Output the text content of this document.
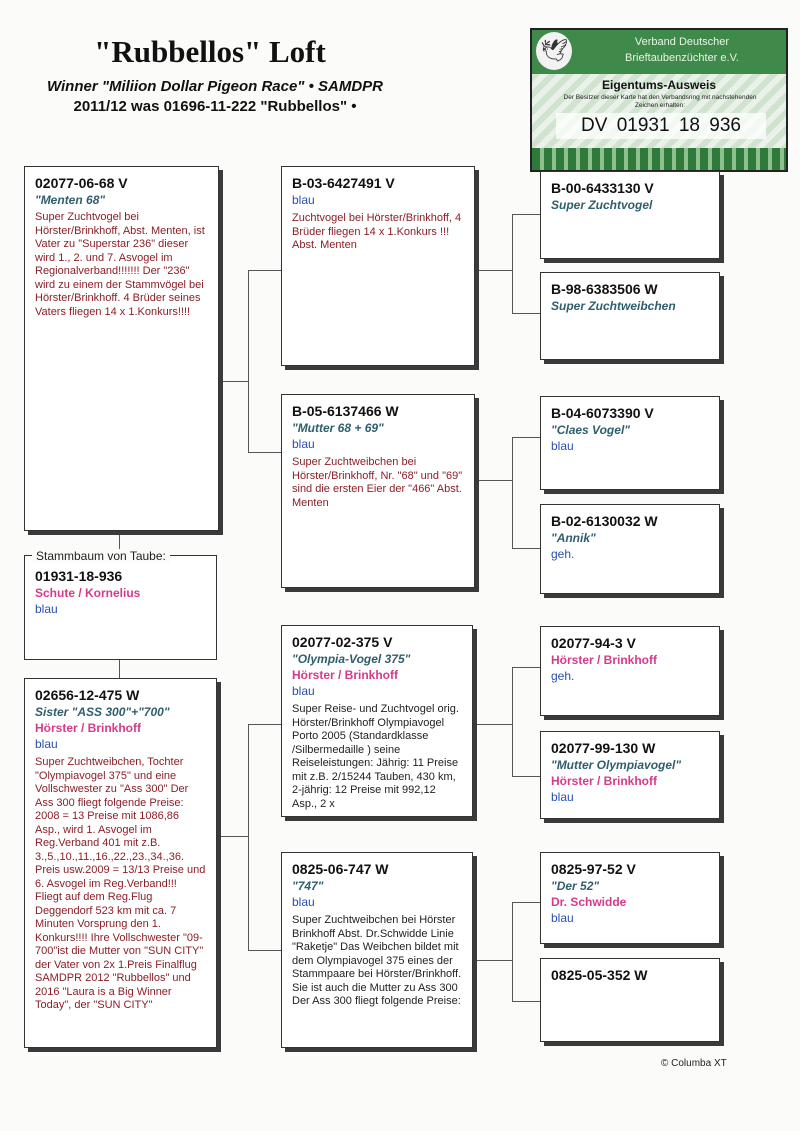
"Rubbellos" Loft
Winner "Miliion Dollar Pigeon Race" • SAMDPR
2011/12 was 01696-11-222 "Rubbellos" •
🕊	Verband Deutscher
Brieftaubenzüchter e.V.
Eigentums-Ausweis
Der Besitzer dieser Karte hat den Verbandsring mit nachstehenden Zeichen erhalten:
DV 01931 18 936
02077-06-68 V
"Menten 68"
Super Zuchtvogel bei Hörster/Brinkhoff, Abst. Menten, ist Vater zu "Superstar 236" dieser wird 1., 2. und 7. Asvogel im Regionalverband!!!!!!! Der "236" wird zu einem der Stammvögel bei Hörster/Brinkhoff. 4 Brüder seines Vaters fliegen 14 x 1.Konkurs!!!!
B-03-6427491 V
blau
Zuchtvogel bei Hörster/Brinkhoff, 4 Brüder fliegen 14 x 1.Konkurs !!! Abst. Menten
B-05-6137466 W
"Mutter 68 + 69"
blau
Super Zuchtweibchen bei Hörster/Brinkhoff, Nr. "68" und "69" sind die ersten Eier der "466" Abst. Menten
B-00-6433130 V
Super Zuchtvogel
B-98-6383506 W
Super Zuchtweibchen
B-04-6073390 V
"Claes Vogel"
blau
B-02-6130032 W
"Annik"
geh.
01931-18-936
Schute / Kornelius
blau
Stammbaum von Taube:
02656-12-475 W
Sister "ASS 300"+"700"
Hörster / Brinkhoff
blau
Super Zuchtweibchen, Tochter "Olympiavogel 375" und eine Vollschwester zu "Ass 300" Der Ass 300 fliegt folgende Preise: 2008 = 13 Preise mit 1086,86 Asp., wird 1. Asvogel im Reg.Verband 401 mit z.B. 3.,5.,10.,11.,16.,22.,23.,34.,36. Preis usw.2009 = 13/13 Preise und 6. Asvogel im Reg.Verband!!! Fliegt auf dem Reg.Flug Deggendorf 523 km mit ca. 7 Minuten Vorsprung den 1. Konkurs!!!! Ihre Vollschwester "09-700"ist die Mutter von "SUN CITY" der Vater von 2x 1.Preis Finalflug SAMDPR 2012 "Rubbellos" und 2016 "Laura is a Big Winner Today", der "SUN CITY"
02077-02-375 V
"Olympia-Vogel 375"
Hörster / Brinkhoff
blau
Super Reise- und Zuchtvogel orig. Hörster/Brinkhoff Olympiavogel Porto 2005 (Standardklasse /Silbermedaille ) seine Reiseleistungen: Jährig: 11 Preise mit z.B. 2/15244 Tauben, 430 km, 2-jährig: 12 Preise mit 992,12 Asp., 2 x
0825-06-747 W
"747"
blau
Super Zuchtweibchen bei Hörster Brinkhoff Abst. Dr.Schwidde Linie "Raketje" Das Weibchen bildet mit dem Olympiavogel 375 eines der Stammpaare bei Hörster/Brinkhoff. Sie ist auch die Mutter zu Ass 300 Der Ass 300 fliegt folgende Preise:
02077-94-3 V
Hörster / Brinkhoff
geh.
02077-99-130 W
"Mutter Olympiavogel"
Hörster / Brinkhoff
blau
0825-97-52 V
"Der 52"
Dr. Schwidde
blau
0825-05-352 W
© Columba XT
